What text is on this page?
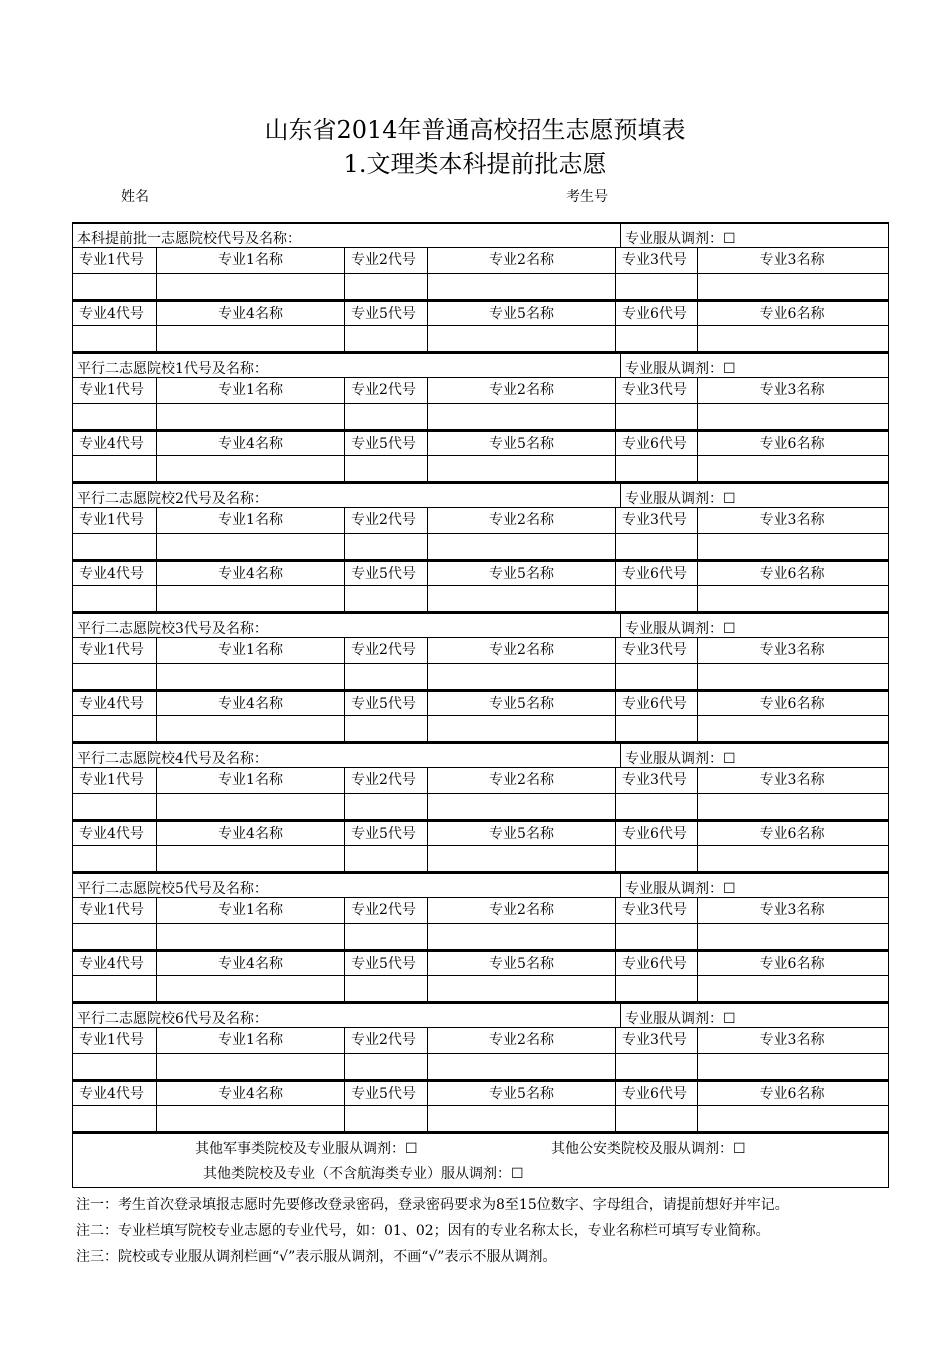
山东省2014年普通高校招生志愿预填表
1.文理类本科提前批志愿
姓名	考生号
本科提前批一志愿院校代号及名称：	专业服从调剂：☐
专业1代号	专业1名称	专业2代号	专业2名称	专业3代号	专业3名称
专业4代号	专业4名称	专业5代号	专业5名称	专业6代号	专业6名称
平行二志愿院校1代号及名称：	专业服从调剂：☐
专业1代号	专业1名称	专业2代号	专业2名称	专业3代号	专业3名称
专业4代号	专业4名称	专业5代号	专业5名称	专业6代号	专业6名称
平行二志愿院校2代号及名称：	专业服从调剂：☐
专业1代号	专业1名称	专业2代号	专业2名称	专业3代号	专业3名称
专业4代号	专业4名称	专业5代号	专业5名称	专业6代号	专业6名称
平行二志愿院校3代号及名称：	专业服从调剂：☐
专业1代号	专业1名称	专业2代号	专业2名称	专业3代号	专业3名称
专业4代号	专业4名称	专业5代号	专业5名称	专业6代号	专业6名称
平行二志愿院校4代号及名称：	专业服从调剂：☐
专业1代号	专业1名称	专业2代号	专业2名称	专业3代号	专业3名称
专业4代号	专业4名称	专业5代号	专业5名称	专业6代号	专业6名称
平行二志愿院校5代号及名称：	专业服从调剂：☐
专业1代号	专业1名称	专业2代号	专业2名称	专业3代号	专业3名称
专业4代号	专业4名称	专业5代号	专业5名称	专业6代号	专业6名称
平行二志愿院校6代号及名称：	专业服从调剂：☐
专业1代号	专业1名称	专业2代号	专业2名称	专业3代号	专业3名称
专业4代号	专业4名称	专业5代号	专业5名称	专业6代号	专业6名称
其他军事类院校及专业服从调剂：☐	其他公安类院校及服从调剂：☐
其他类院校及专业（不含航海类专业）服从调剂：☐
注一：考生首次登录填报志愿时先要修改登录密码，登录密码要求为8至15位数字、字母组合，请提前想好并牢记。
注二：专业栏填写院校专业志愿的专业代号，如：01、02；因有的专业名称太长，专业名称栏可填写专业简称。
注三：院校或专业服从调剂栏画“√”表示服从调剂，不画“√”表示不服从调剂。
